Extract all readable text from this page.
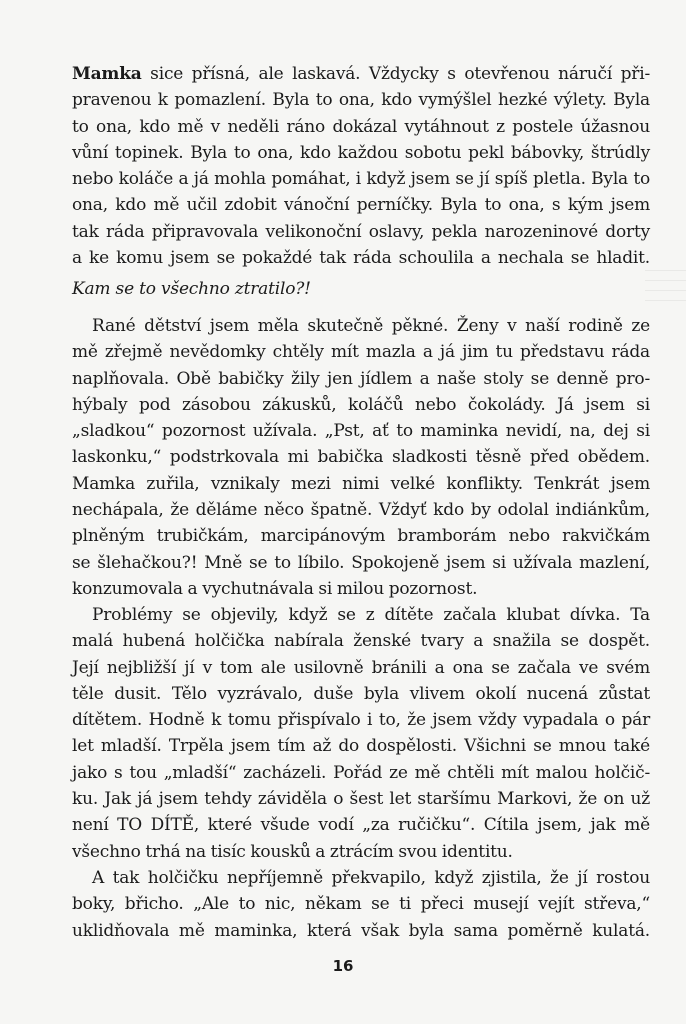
Mamka sice přísná, ale laskavá. Vždycky s otevřenou náručí při-
pravenou k pomazlení. Byla to ona, kdo vymýšlel hezké výlety. Byla
to ona, kdo mě v neděli ráno dokázal vytáhnout z postele úžasnou
vůní topinek. Byla to ona, kdo každou sobotu pekl bábovky, štrúdly
nebo koláče a já mohla pomáhat, i když jsem se jí spíš pletla. Byla to
ona, kdo mě učil zdobit vánoční perníčky. Byla to ona, s kým jsem
tak ráda připravovala velikonoční oslavy, pekla narozeninové dorty
a ke komu jsem se pokaždé tak ráda schoulila a nechala se hladit.
Kam se to všechno ztratilo?!
Rané dětství jsem měla skutečně pěkné. Ženy v naší rodině ze
mě zřejmě nevědomky chtěly mít mazla a já jim tu představu ráda
naplňovala. Obě babičky žily jen jídlem a naše stoly se denně pro-
hýbaly pod zásobou zákusků, koláčů nebo čokolády. Já jsem si
„sladkou“ pozornost užívala. „Pst, ať to maminka nevidí, na, dej si
laskonku,“ podstrkovala mi babička sladkosti těsně před obědem.
Mamka zuřila, vznikaly mezi nimi velké konflikty. Tenkrát jsem
nechápala, že děláme něco špatně. Vždyť kdo by odolal indiánkům,
plněným trubičkám, marcipánovým bramborám nebo rakvičkám
se šlehačkou?! Mně se to líbilo. Spokojeně jsem si užívala mazlení,
konzumovala a vychutnávala si milou pozornost.
Problémy se objevily, když se z dítěte začala klubat dívka. Ta
malá hubená holčička nabírala ženské tvary a snažila se dospět.
Její nejbližší jí v tom ale usilovně bránili a ona se začala ve svém
těle dusit. Tělo vyzrávalo, duše byla vlivem okolí nucená zůstat
dítětem. Hodně k tomu přispívalo i to, že jsem vždy vypadala o pár
let mladší. Trpěla jsem tím až do dospělosti. Všichni se mnou také
jako s tou „mladší“ zacházeli. Pořád ze mě chtěli mít malou holčič-
ku. Jak já jsem tehdy záviděla o šest let staršímu Markovi, že on už
není TO DÍTĚ, které všude vodí „za ručičku“. Cítila jsem, jak mě
všechno trhá na tisíc kousků a ztrácím svou identitu.
A tak holčičku nepříjemně překvapilo, když zjistila, že jí rostou
boky, břicho. „Ale to nic, někam se ti přeci musejí vejít střeva,“
uklidňovala mě maminka, která však byla sama poměrně kulatá.
16
